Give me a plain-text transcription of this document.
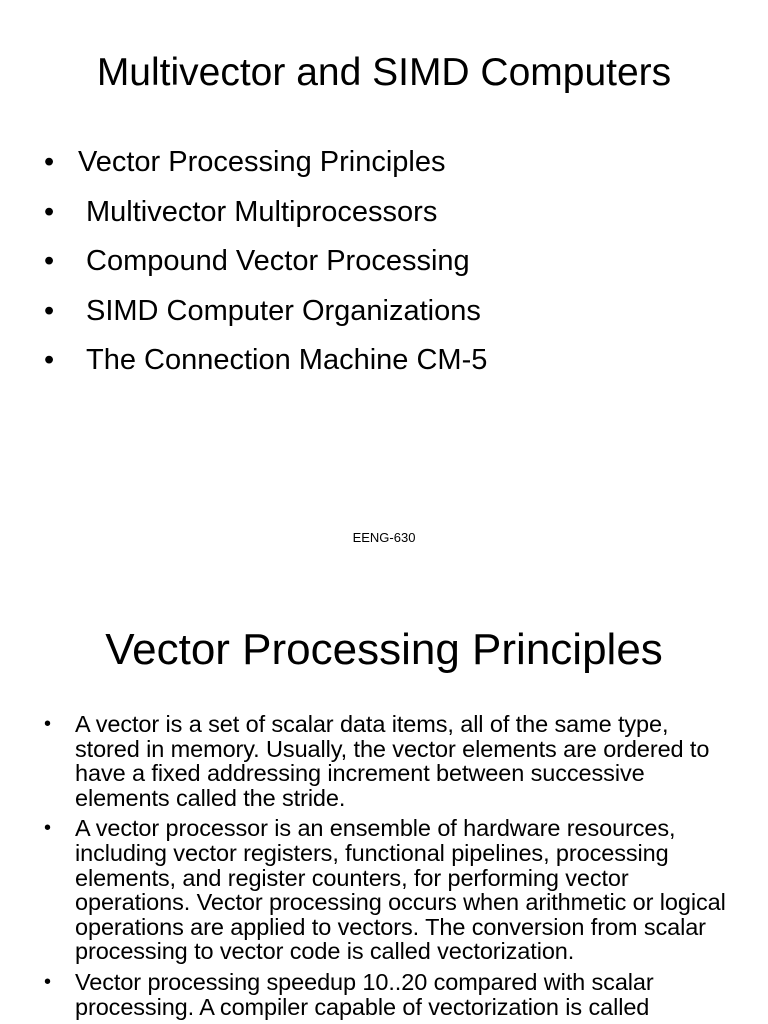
Multivector and SIMD Computers
• Vector Processing Principles
• Multivector Multiprocessors
• Compound Vector Processing
• SIMD Computer Organizations
• The Connection Machine CM-5
EENG-630
Vector Processing Principles
• A vector is a set of scalar data items, all of the same type, stored in memory. Usually, the vector elements are ordered to have a fixed addressing increment between successive elements called the stride.
• A vector processor is an ensemble of hardware resources, including vector registers, functional pipelines, processing elements, and register counters, for performing vector operations. Vector processing occurs when arithmetic or logical operations are applied to vectors. The conversion from scalar processing to vector code is called vectorization.
• Vector processing speedup 10..20 compared with scalar processing. A compiler capable of vectorization is called
